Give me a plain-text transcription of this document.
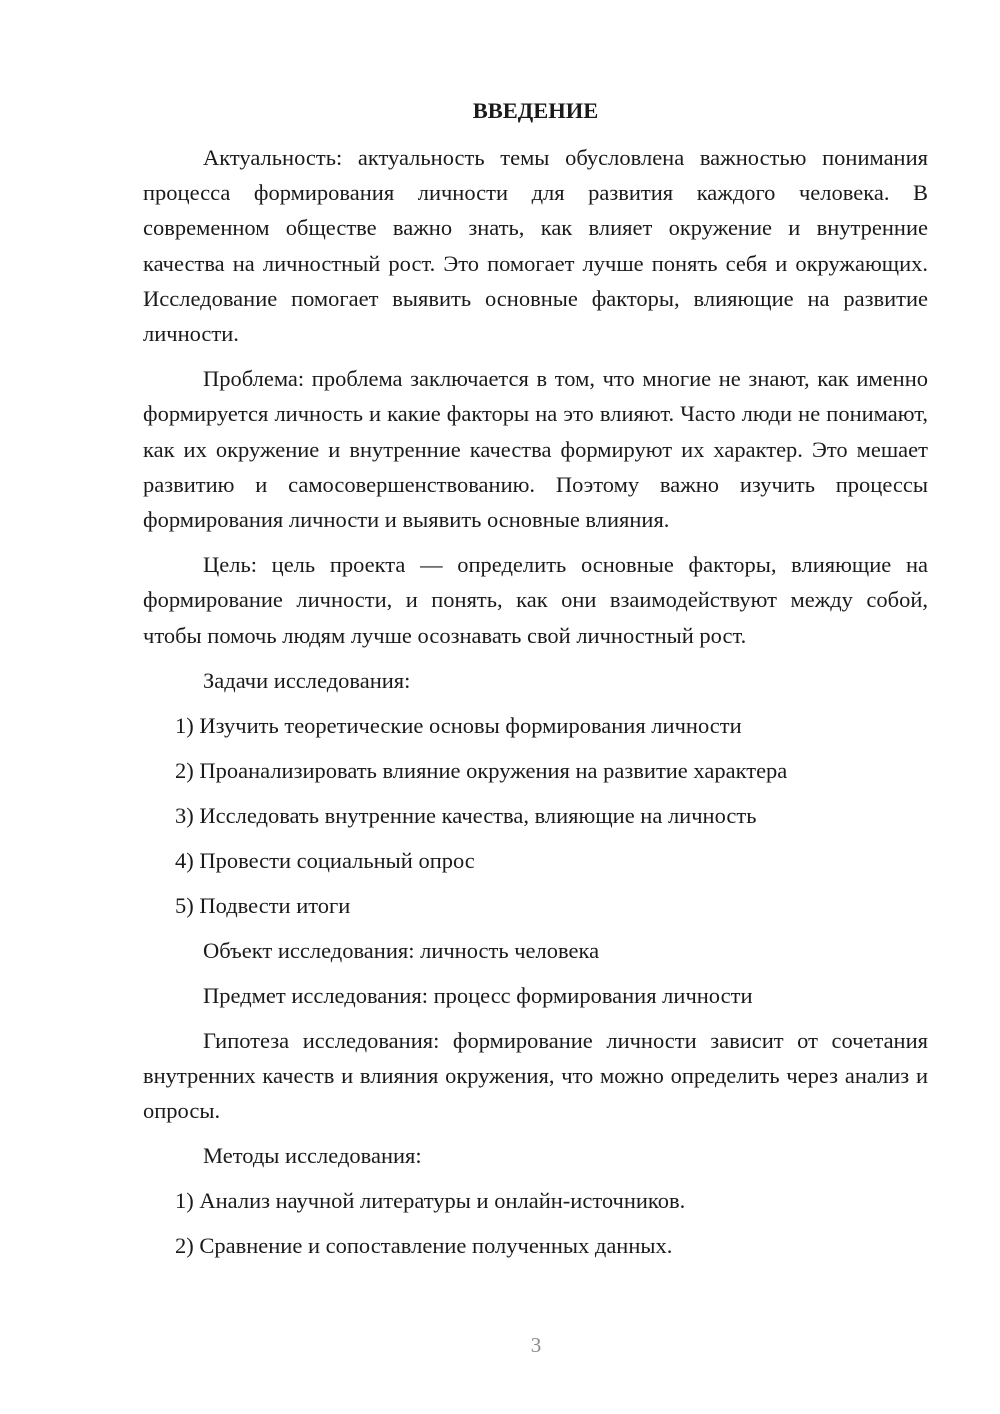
ВВЕДЕНИЕ

Актуальность: актуальность темы обусловлена важностью понимания процесса формирования личности для развития каждого человека. В современном обществе важно знать, как влияет окружение и внутренние качества на личностный рост. Это помогает лучше понять себя и окружающих. Исследование помогает выявить основные факторы, влияющие на развитие личности.

Проблема: проблема заключается в том, что многие не знают, как именно формируется личность и какие факторы на это влияют. Часто люди не понимают, как их окружение и внутренние качества формируют их характер. Это мешает развитию и самосовершенствованию. Поэтому важно изучить процессы формирования личности и выявить основные влияния.

Цель: цель проекта — определить основные факторы, влияющие на формирование личности, и понять, как они взаимодействуют между собой, чтобы помочь людям лучше осознавать свой личностный рост.

Задачи исследования:
1) Изучить теоретические основы формирования личности
2) Проанализировать влияние окружения на развитие характера
3) Исследовать внутренние качества, влияющие на личность
4) Провести социальный опрос
5) Подвести итоги
Объект исследования: личность человека
Предмет исследования: процесс формирования личности

Гипотеза исследования: формирование личности зависит от сочетания внутренних качеств и влияния окружения, что можно определить через анализ и опросы.

Методы исследования:
1) Анализ научной литературы и онлайн-источников.
2) Сравнение и сопоставление полученных данных.
3
